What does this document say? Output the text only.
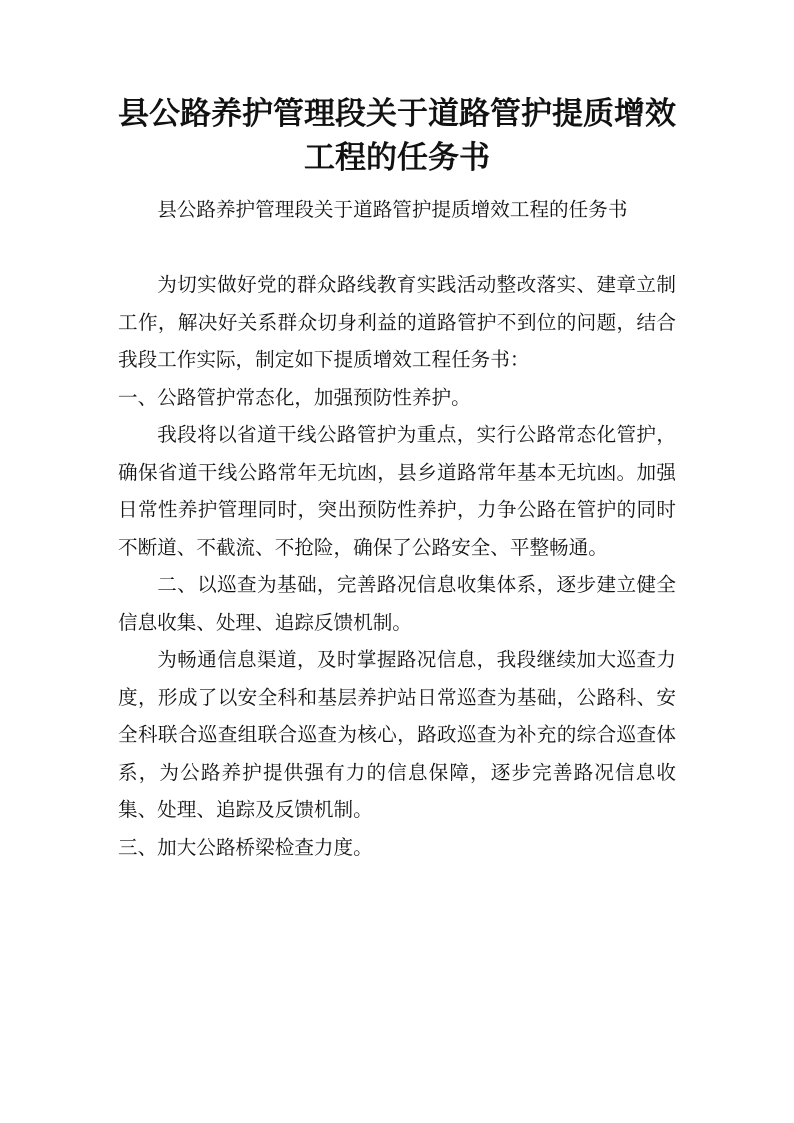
县公路养护管理段关于道路管护提质增效
工程的任务书

县公路养护管理段关于道路管护提质增效工程的任务书

为切实做好党的群众路线教育实践活动整改落实、建章立制工作，解决好关系群众切身利益的道路管护不到位的问题，结合我段工作实际，制定如下提质增效工程任务书：

一、公路管护常态化，加强预防性养护。

我段将以省道干线公路管护为重点，实行公路常态化管护，确保省道干线公路常年无坑凼，县乡道路常年基本无坑凼。加强日常性养护管理同时，突出预防性养护，力争公路在管护的同时不断道、不截流、不抢险，确保了公路安全、平整畅通。

二、以巡查为基础，完善路况信息收集体系，逐步建立健全信息收集、处理、追踪反馈机制。

为畅通信息渠道，及时掌握路况信息，我段继续加大巡查力度，形成了以安全科和基层养护站日常巡查为基础，公路科、安全科联合巡查组联合巡查为核心，路政巡查为补充的综合巡查体系，为公路养护提供强有力的信息保障，逐步完善路况信息收集、处理、追踪及反馈机制。

三、加大公路桥梁检查力度。
